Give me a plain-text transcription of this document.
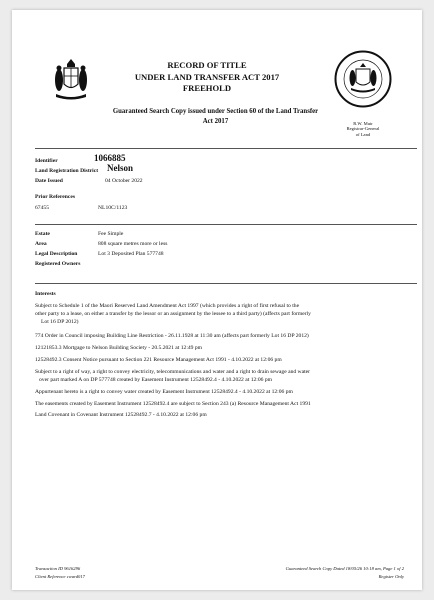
RECORD OF TITLE
UNDER LAND TRANSFER ACT 2017
FREEHOLD
Guaranteed Search Copy issued under Section 60 of the Land Transfer Act 2017	R.W. Muir
Registrar-General
of Land
Identifier	1066885
Land Registration District Nelson
Date Issued	04 October 2022
Prior References
67455	NL10C/1123
Estate	Fee Simple
Area	808 square metres more or less
Legal Description	Lot 3 Deposited Plan 577748
Registered Owners
Interests
Subject to Schedule 1 of the Maori Reserved Land Amendment Act 1997 (which provides a right of first refusal to the
other party to a lease, on either a transfer by the lessor or an assignment by the lessee to a third party) (affects part formerly
Lot 16 DP 2012)
774 Order in Council imposing Building Line Restriction - 26.11.1928 at 11:30 am (affects part formerly Lot 16 DP 2012)
12121853.3 Mortgage to Nelson Building Society - 20.5.2021 at 12:49 pm
12528492.3 Consent Notice pursuant to Section 221 Resource Management Act 1991 - 4.10.2022 at 12:06 pm
Subject to a right of way, a right to convey electricity, telecommunications and water and a right to drain sewage and water
over part marked A on DP 577748 created by Easement Instrument 12528492.4 - 4.10.2022 at 12:06 pm
Appurtenant hereto is a right to convey water created by Easement Instrument 12528492.4 - 4.10.2022 at 12:06 pm
The easements created by Easement Instrument 12528492.4 are subject to Section 243 (a) Resource Management Act 1991
Land Covenant in Covenant Instrument 12528492.7 - 4.10.2022 at 12:06 pm
Transaction ID 9616296
Client Reference cward017
Guaranteed Search Copy Dated 18/05/26 10:18 am, Page 1 of 2
Register Only
